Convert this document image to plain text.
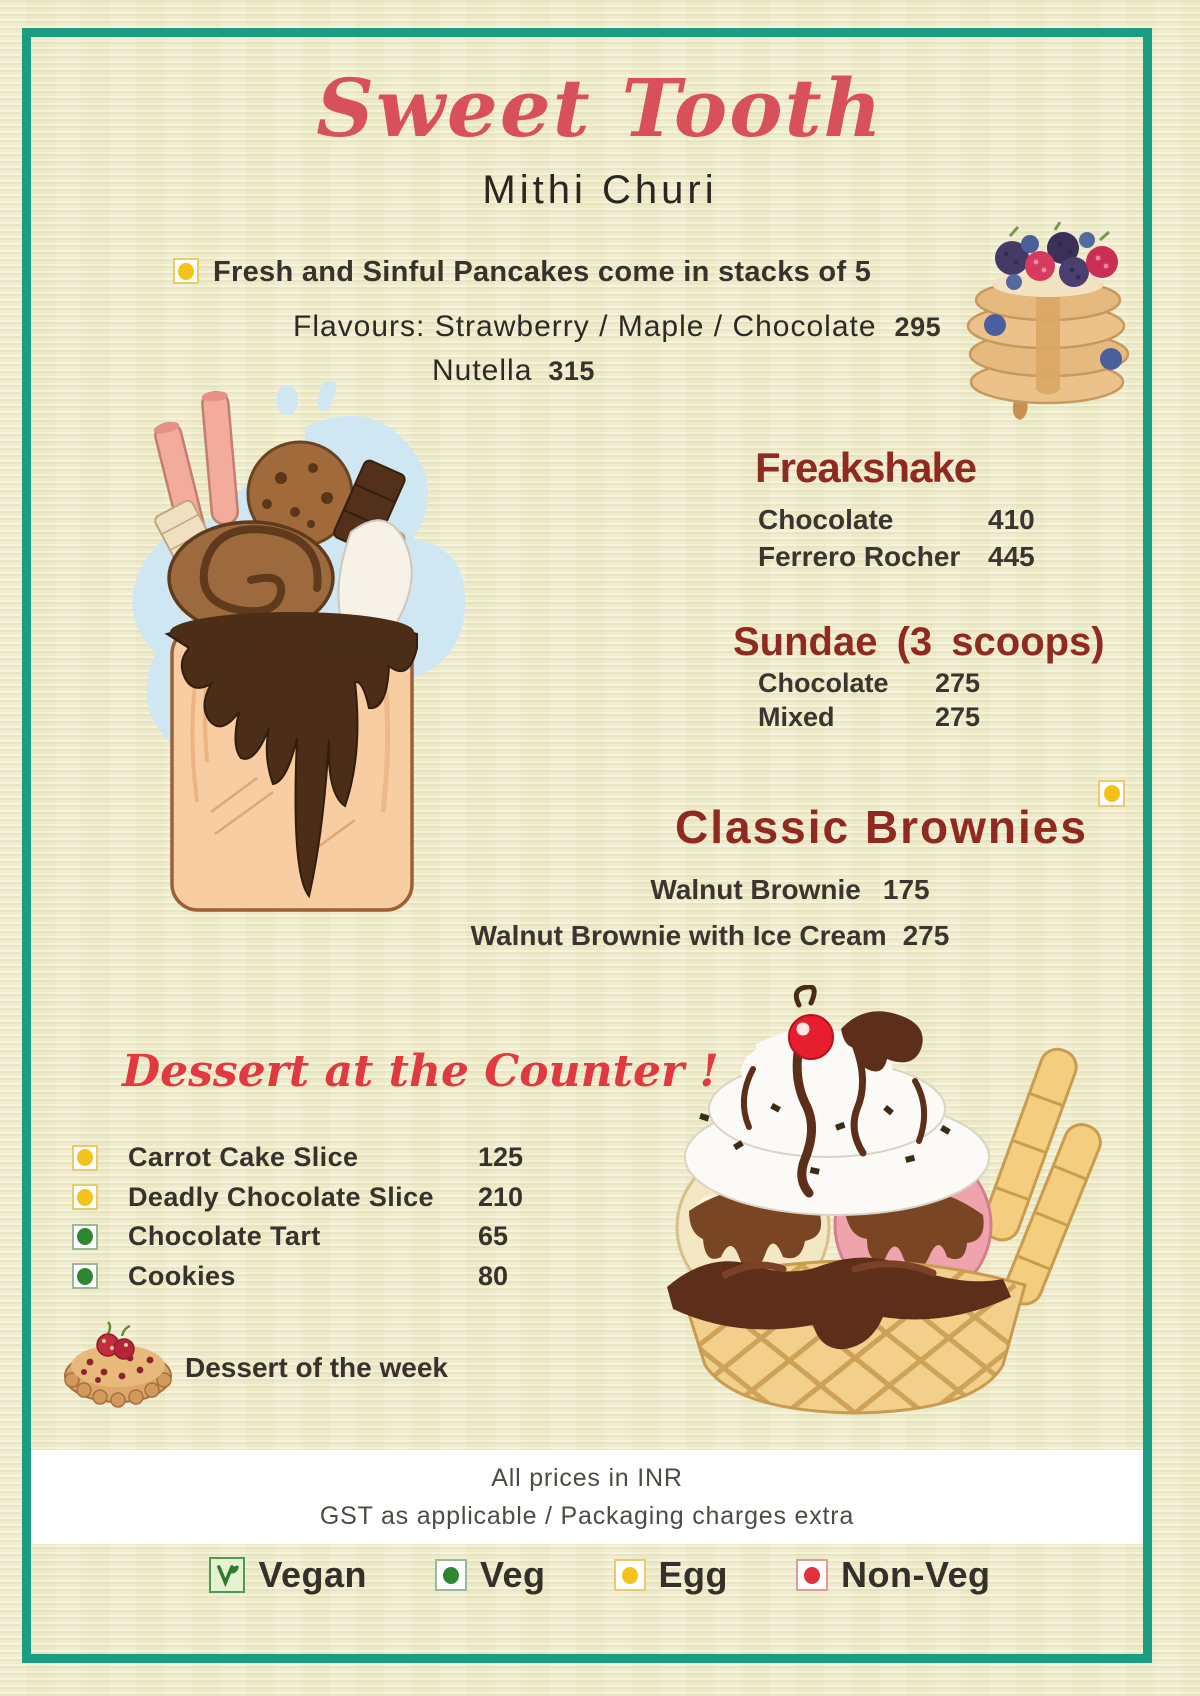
Sweet Tooth
Mithi Churi
Fresh and Sinful Pancakes come in stacks of 5
Flavours: Strawberry / Maple / Chocolate 295
Nutella 315
Freakshake
Chocolate	410
Ferrero Rocher 445
Sundae (3 scoops)
Chocolate 275
Mixed	275
Classic Brownies
Walnut Brownie 175
Walnut Brownie with Ice Cream 275
Dessert at the Counter !
Carrot Cake Slice	125
Deadly Chocolate Slice 210
Chocolate Tart	65
Cookies	80
Dessert of the week
All prices in INR
GST as applicable / Packaging charges extra
Vegan	Veg	Egg	Non-Veg
